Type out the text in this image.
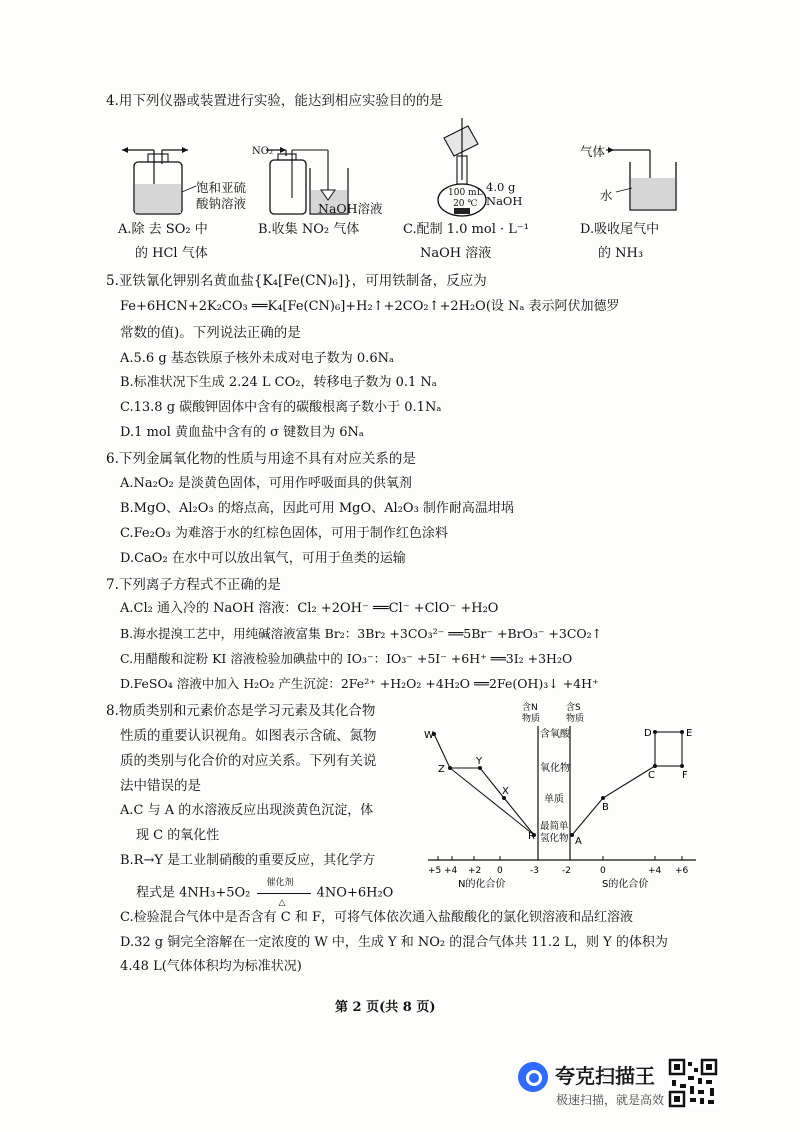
4.用下列仪器或装置进行实验，能达到相应实验目的的是
饱和亚硫
酸钠溶液
NO₂
NaOH溶液
100 mL
20 ℃
4.0 g
NaOH
气体
水
A.除 去 SO₂ 中
的 HCl 气体
B.收集 NO₂ 气体	C.配制 1.0 mol · L⁻¹
NaOH 溶液
D.吸收尾气中
的 NH₃
5.亚铁氰化钾别名黄血盐{K₄[Fe(CN)₆]}，可用铁制备，反应为
Fe+6HCN+2K₂CO₃ ══K₄[Fe(CN)₆]+H₂↑+2CO₂↑+2H₂O(设 Nₐ 表示阿伏加德罗
常数的值)。下列说法正确的是
A.5.6 g 基态铁原子核外未成对电子数为 0.6Nₐ
B.标准状况下生成 2.24 L CO₂，转移电子数为 0.1 Nₐ
C.13.8 g 碳酸钾固体中含有的碳酸根离子数小于 0.1Nₐ
D.1 mol 黄血盐中含有的 σ 键数目为 6Nₐ
6.下列金属氧化物的性质与用途不具有对应关系的是
A.Na₂O₂ 是淡黄色固体，可用作呼吸面具的供氧剂
B.MgO、Al₂O₃ 的熔点高，因此可用 MgO、Al₂O₃ 制作耐高温坩埚
C.Fe₂O₃ 为难溶于水的红棕色固体，可用于制作红色涂料
D.CaO₂ 在水中可以放出氧气，可用于鱼类的运输
7.下列离子方程式不正确的是
A.Cl₂ 通入冷的 NaOH 溶液：Cl₂ +2OH⁻ ══Cl⁻ +ClO⁻ +H₂O
B.海水提溴工艺中，用纯碱溶液富集 Br₂：3Br₂ +3CO₃²⁻ ══5Br⁻ +BrO₃⁻ +3CO₂↑
C.用醋酸和淀粉 KI 溶液检验加碘盐中的 IO₃⁻：IO₃⁻ +5I⁻ +6H⁺ ══3I₂ +3H₂O
D.FeSO₄ 溶液中加入 H₂O₂ 产生沉淀：2Fe²⁺ +H₂O₂ +4H₂O ══2Fe(OH)₃↓ +4H⁺
8.物质类别和元素价态是学习元素及其化合物
性质的重要认识视角。如图表示含硫、氮物
质的类别与化合价的对应关系。下列有关说
法中错误的是
A.C 与 A 的水溶液反应出现淡黄色沉淀，体
现 C 的氧化性
B.R→Y 是工业制硝酸的重要反应，其化学方
程式是 4NH₃+5O₂
催化剂
△
4NO+6H₂O
C.检验混合气体中是否含有 C 和 F，可将气体依次通入盐酸酸化的氯化钡溶液和品红溶液
D.32 g 铜完全溶解在一定浓度的 W 中，生成 Y 和 NO₂ 的混合气体共 11.2 L，则 Y 的体积为
4.48 L(气体体积均为标准状况)
含N
物质
含S
物质
含氧酸
氧化物
单质
最简单
氢化物
W
Z
Y
X
R	A
B
C
D	E
F
+5 +4 +2 0	-3	-2	0	+4 +6
N的化合价	S的化合价
第 2 页(共 8 页)
夸克扫描王
极速扫描，就是高效
